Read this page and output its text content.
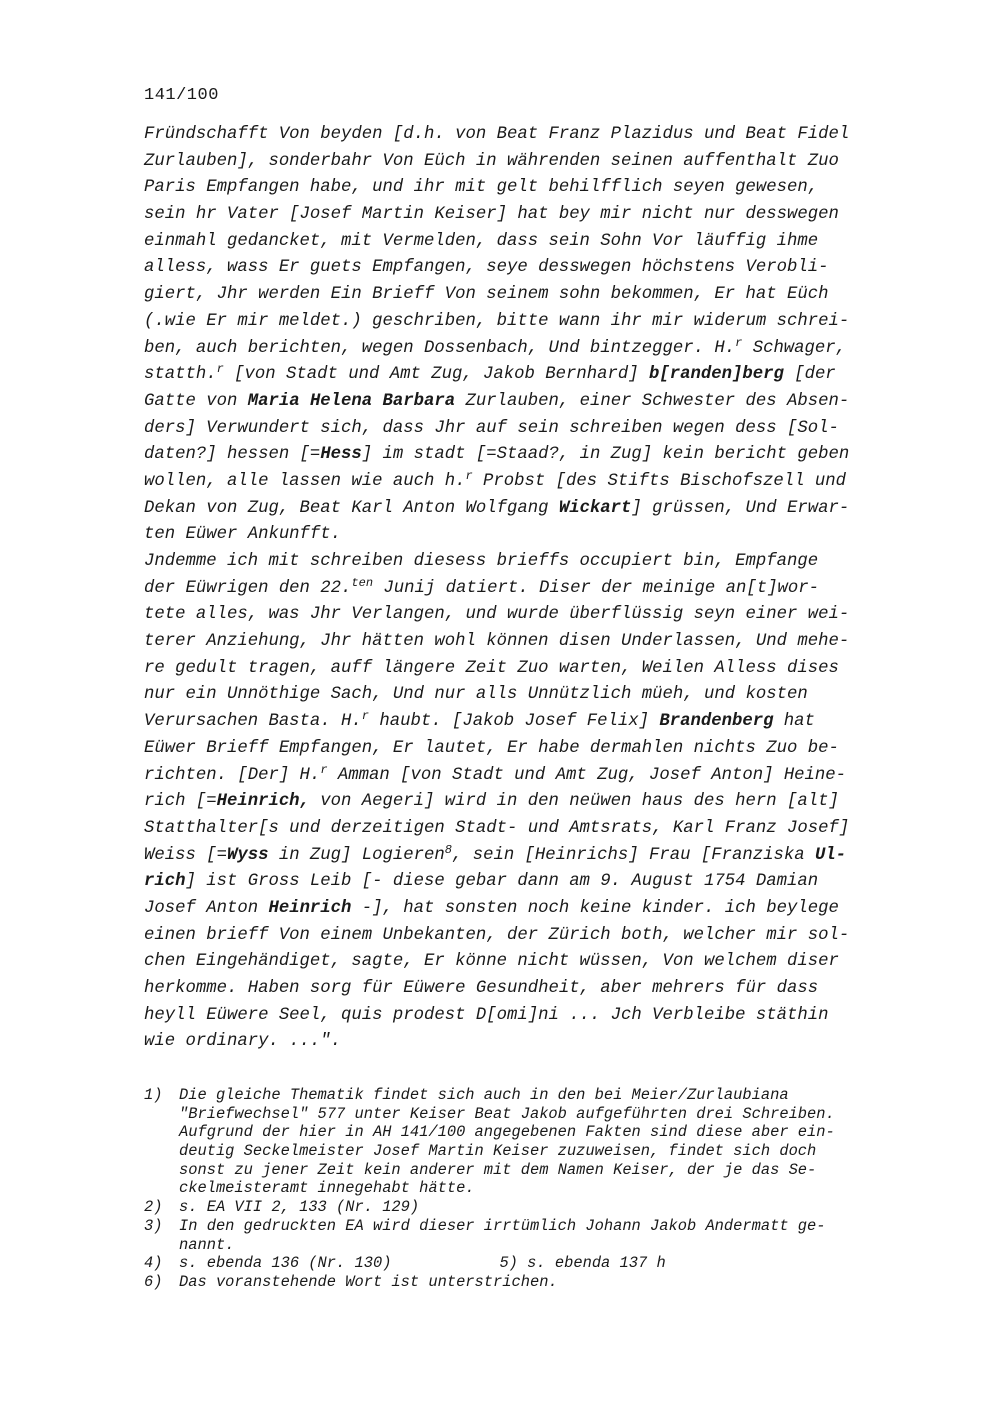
141/100
Fründschafft Von beyden [d.h. von Beat Franz Plazidus und Beat Fidel
Zurlauben], sonderbahr Von Eüch in währenden seinen auffenthalt Zuo
Paris Empfangen habe, und ihr mit gelt behilfflich seyen gewesen,
sein hr Vater [Josef Martin Keiser] hat bey mir nicht nur desswegen
einmahl gedancket, mit Vermelden, dass sein Sohn Vor läuffig ihme
alless, wass Er guets Empfangen, seye desswegen höchstens Verobli-
giert, Jhr werden Ein Brieff Von seinem sohn bekommen, Er hat Eüch
(.wie Er mir meldet.) geschriben, bitte wann ihr mir widerum schrei-
ben, auch berichten, wegen Dossenbach, Und bintzegger. H.$^r$ Schwager,
statth.$^r$ [von Stadt und Amt Zug, Jakob Bernhard] b[randen]berg [der
Gatte von Maria Helena Barbara Zurlauben, einer Schwester des Absen-
ders] Verwundert sich, dass Jhr auf sein schreiben wegen dess [Sol-
daten?] hessen [=Hess] im stadt [=Staad?, in Zug] kein bericht geben
wollen, alle lassen wie auch h.$^r$ Probst [des Stifts Bischofszell und
Dekan von Zug, Beat Karl Anton Wolfgang Wickart] grüssen, Und Erwar-
ten Eüwer Ankunfft.
Jndemme ich mit schreiben diesess brieffs occupiert bin, Empfange
der Eüwrigen den 22.$^{ten}$ Junij datiert. Diser der meinige an[t]wor-
tete alles, was Jhr Verlangen, und wurde überflüssig seyn einer wei-
terer Anziehung, Jhr hätten wohl können disen Underlassen, Und mehe-
re gedult tragen, auff längere Zeit Zuo warten, Weilen Alless dises
nur ein Unnöthige Sach, Und nur alls Unnützlich müeh, und kosten
Verursachen Basta. H.$^r$ haubt. [Jakob Josef Felix] Brandenberg hat
Eüwer Brieff Empfangen, Er lautet, Er habe dermahlen nichts Zuo be-
richten. [Der] H.$^r$ Amman [von Stadt und Amt Zug, Josef Anton] Heine-
rich [=Heinrich, von Aegeri] wird in den neüwen haus des hern [alt]
Statthalter[s und derzeitigen Stadt- und Amtsrats, Karl Franz Josef]
Weiss [=Wyss in Zug] Logieren$^8$, sein [Heinrichs] Frau [Franziska Ul-
rich] ist Gross Leib [- diese gebar dann am 9. August 1754 Damian
Josef Anton Heinrich -], hat sonsten noch keine kinder. ich beylege
einen brieff Von einem Unbekanten, der Zürich both, welcher mir sol-
chen Eingehändiget, sagte, Er könne nicht wüssen, Von welchem diser
herkomme. Haben sorg für Eüwere Gesundheit, aber mehrers für dass
heyll Eüwere Seel, quis prodest D[omi]ni ... Jch Verbleibe stäthin
wie ordinary. ...".
1) Die gleiche Thematik findet sich auch in den bei Meier/Zurlaubiana
"Briefwechsel" 577 unter Keiser Beat Jakob aufgeführten drei Schreiben.
Aufgrund der hier in AH 141/100 angegebenen Fakten sind diese aber ein-
deutig Seckelmeister Josef Martin Keiser zuzuweisen, findet sich doch
sonst zu jener Zeit kein anderer mit dem Namen Keiser, der je das Se-
ckelmeisteramt innegehabt hätte.
2) s. EA VII 2, 133 (Nr. 129)
3) In den gedruckten EA wird dieser irrtümlich Johann Jakob Andermatt ge-
nannt.
4) s. ebenda 136 (Nr. 130)	5) s. ebenda 137 h
6) Das voranstehende Wort ist unterstrichen.
